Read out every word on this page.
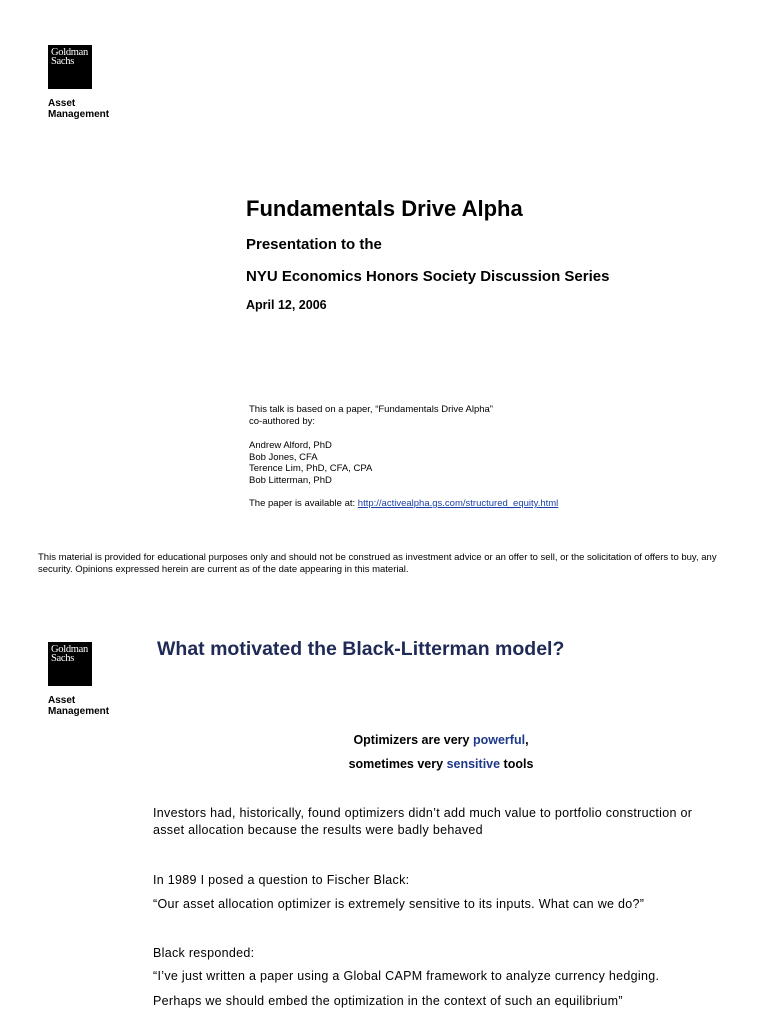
Goldman
Sachs
Asset
Management
Fundamentals Drive Alpha
Presentation to the
NYU Economics Honors Society Discussion Series

April 12, 2006

This talk is based on a paper, “Fundamentals Drive Alpha”

co-authored by:

Andrew Alford, PhD
Bob Jones, CFA
Terence Lim, PhD, CFA, CPA
Bob Litterman, PhD

The paper is available at: http://activealpha.gs.com/structured_equity.html

This material is provided for educational purposes only and should not be construed as investment advice or an offer to sell, or the solicitation of offers to buy, any security. Opinions expressed herein are current as of the date appearing in this material.

Goldman
Sachs
Asset
Management
What motivated the Black-Litterman model?

Optimizers are very powerful,

sometimes very sensitive tools

Investors had, historically, found optimizers didn’t add much value to portfolio construction or asset allocation because the results were badly behaved

In 1989 I posed a question to Fischer Black:

“Our asset allocation optimizer is extremely sensitive to its inputs. What can we do?”

Black responded:

“I’ve just written a paper using a Global CAPM framework to analyze currency hedging.

Perhaps we should embed the optimization in the context of such an equilibrium”
